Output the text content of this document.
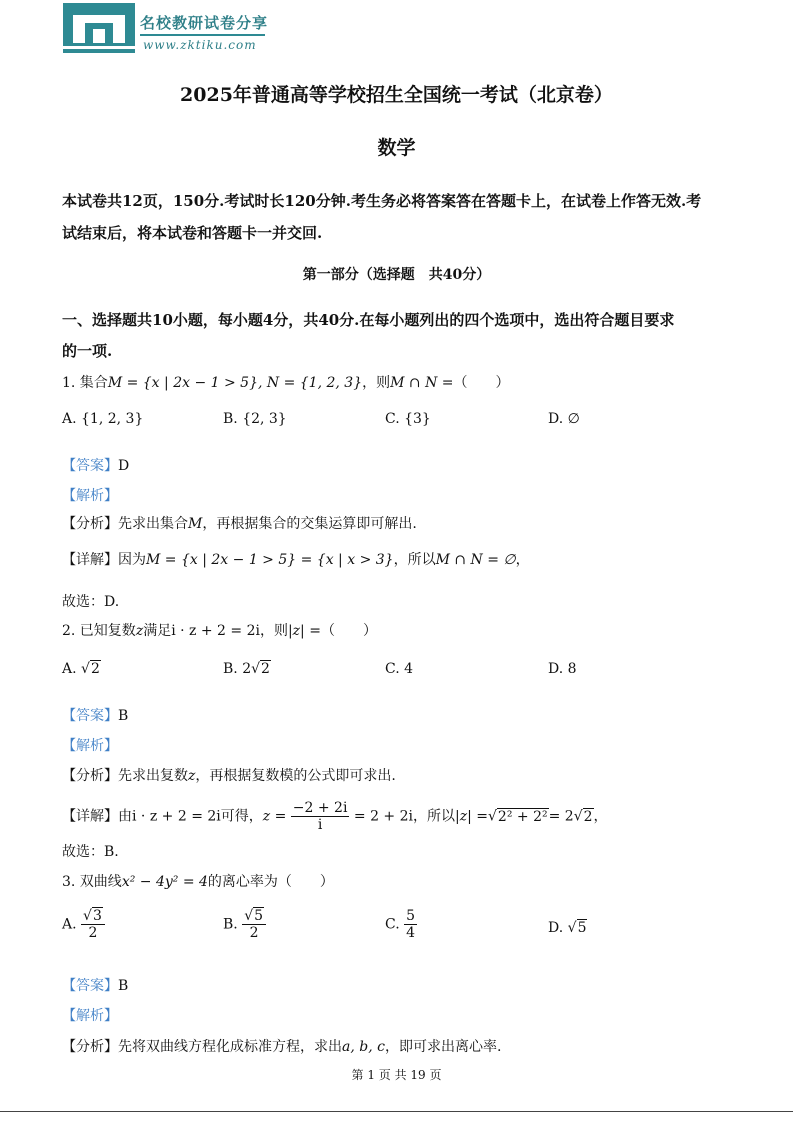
名校教研试卷分享
www.zktiku.com
2025年普通高等学校招生全国统一考试（北京卷）
数学
本试卷共12页，150分.考试时长120分钟.考生务必将答案答在答题卡上，在试卷上作答无效.考
试结束后，将本试卷和答题卡一并交回.
第一部分（选择题　共40分）
一、选择题共10小题，每小题4分，共40分.在每小题列出的四个选项中，选出符合题目要求
的一项.
1. 集合M = {x | 2x − 1 > 5}, N = {1, 2, 3}，则M ∩ N =（　　）
A. {1, 2, 3}	B. {2, 3}	C. {3}	D. ∅
【答案】D
【解析】
【分析】先求出集合M，再根据集合的交集运算即可解出.
【详解】因为M = {x | 2x − 1 > 5} = {x | x > 3}，所以M ∩ N = ∅，
故选：D.
2. 已知复数z满足i · z + 2 = 2i，则|z| =（　　）
A. √2	B. 2√2	C. 4	D. 8
【答案】B
【解析】
【分析】先求出复数z，再根据复数模的公式即可求出.
【详解】由i · z + 2 = 2i可得，$z = \frac{-2 + 2i}{i} = 2 + 2i$，所以|z| =√2² + 2²= 2√2，
故选：B.
3. 双曲线x² − 4y² = 4的离心率为（　　）
A. $\frac{√3}{2}$	B. $\frac{√5}{2}$	C. $\frac{5}{4}$	D. √5
【答案】B
【解析】
【分析】先将双曲线方程化成标准方程，求出a, b, c，即可求出离心率.
第 1 页 共 19 页
